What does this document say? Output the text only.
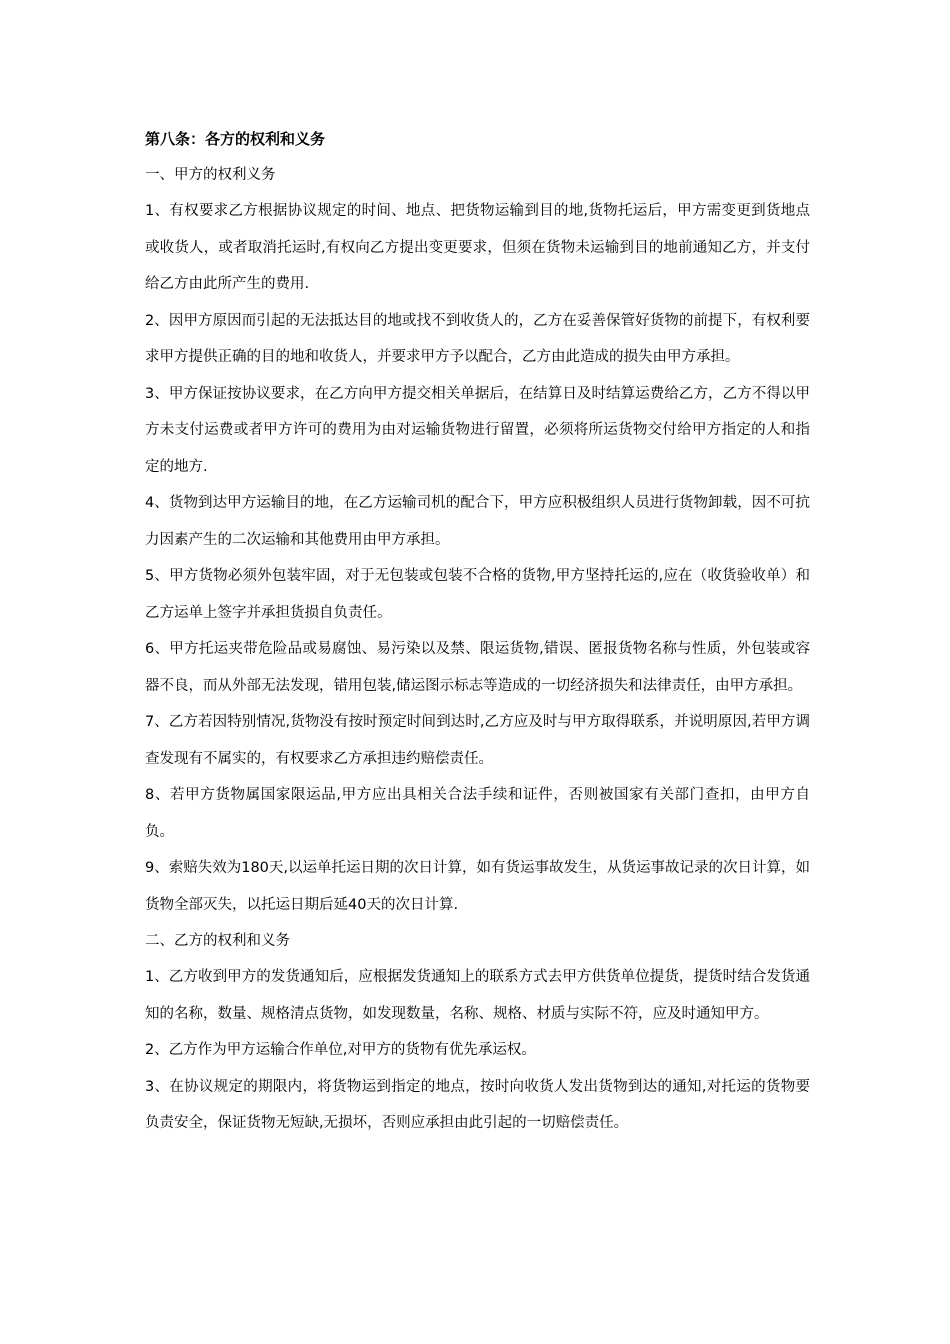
第八条：各方的权利和义务

一、甲方的权利义务

1、有权要求乙方根据协议规定的时间、地点、把货物运输到目的地,货物托运后，甲方需变更到货地点或收货人，或者取消托运时,有权向乙方提出变更要求，但须在货物未运输到目的地前通知乙方，并支付给乙方由此所产生的费用.

2、因甲方原因而引起的无法抵达目的地或找不到收货人的，乙方在妥善保管好货物的前提下，有权利要求甲方提供正确的目的地和收货人，并要求甲方予以配合，乙方由此造成的损失由甲方承担。

3、甲方保证按协议要求，在乙方向甲方提交相关单据后，在结算日及时结算运费给乙方，乙方不得以甲方未支付运费或者甲方许可的费用为由对运输货物进行留置，必须将所运货物交付给甲方指定的人和指定的地方.

4、货物到达甲方运输目的地，在乙方运输司机的配合下，甲方应积极组织人员进行货物卸载，因不可抗力因素产生的二次运输和其他费用由甲方承担。

5、甲方货物必须外包装牢固，对于无包装或包装不合格的货物,甲方坚持托运的,应在（收货验收单）和乙方运单上签字并承担货损自负责任。

6、甲方托运夹带危险品或易腐蚀、易污染以及禁、限运货物,错误、匿报货物名称与性质，外包装或容器不良，而从外部无法发现，错用包装,储运图示标志等造成的一切经济损失和法律责任，由甲方承担。

7、乙方若因特别情况,货物没有按时预定时间到达时,乙方应及时与甲方取得联系，并说明原因,若甲方调查发现有不属实的，有权要求乙方承担违约赔偿责任。

8、若甲方货物属国家限运品,甲方应出具相关合法手续和证件，否则被国家有关部门查扣，由甲方自负。

9、索赔失效为180天,以运单托运日期的次日计算，如有货运事故发生，从货运事故记录的次日计算，如货物全部灭失，以托运日期后延40天的次日计算.

二、乙方的权利和义务

1、乙方收到甲方的发货通知后，应根据发货通知上的联系方式去甲方供货单位提货，提货时结合发货通知的名称，数量、规格清点货物，如发现数量，名称、规格、材质与实际不符，应及时通知甲方。

2、乙方作为甲方运输合作单位,对甲方的货物有优先承运权。

3、在协议规定的期限内，将货物运到指定的地点，按时向收货人发出货物到达的通知,对托运的货物要负责安全，保证货物无短缺,无损坏，否则应承担由此引起的一切赔偿责任。
